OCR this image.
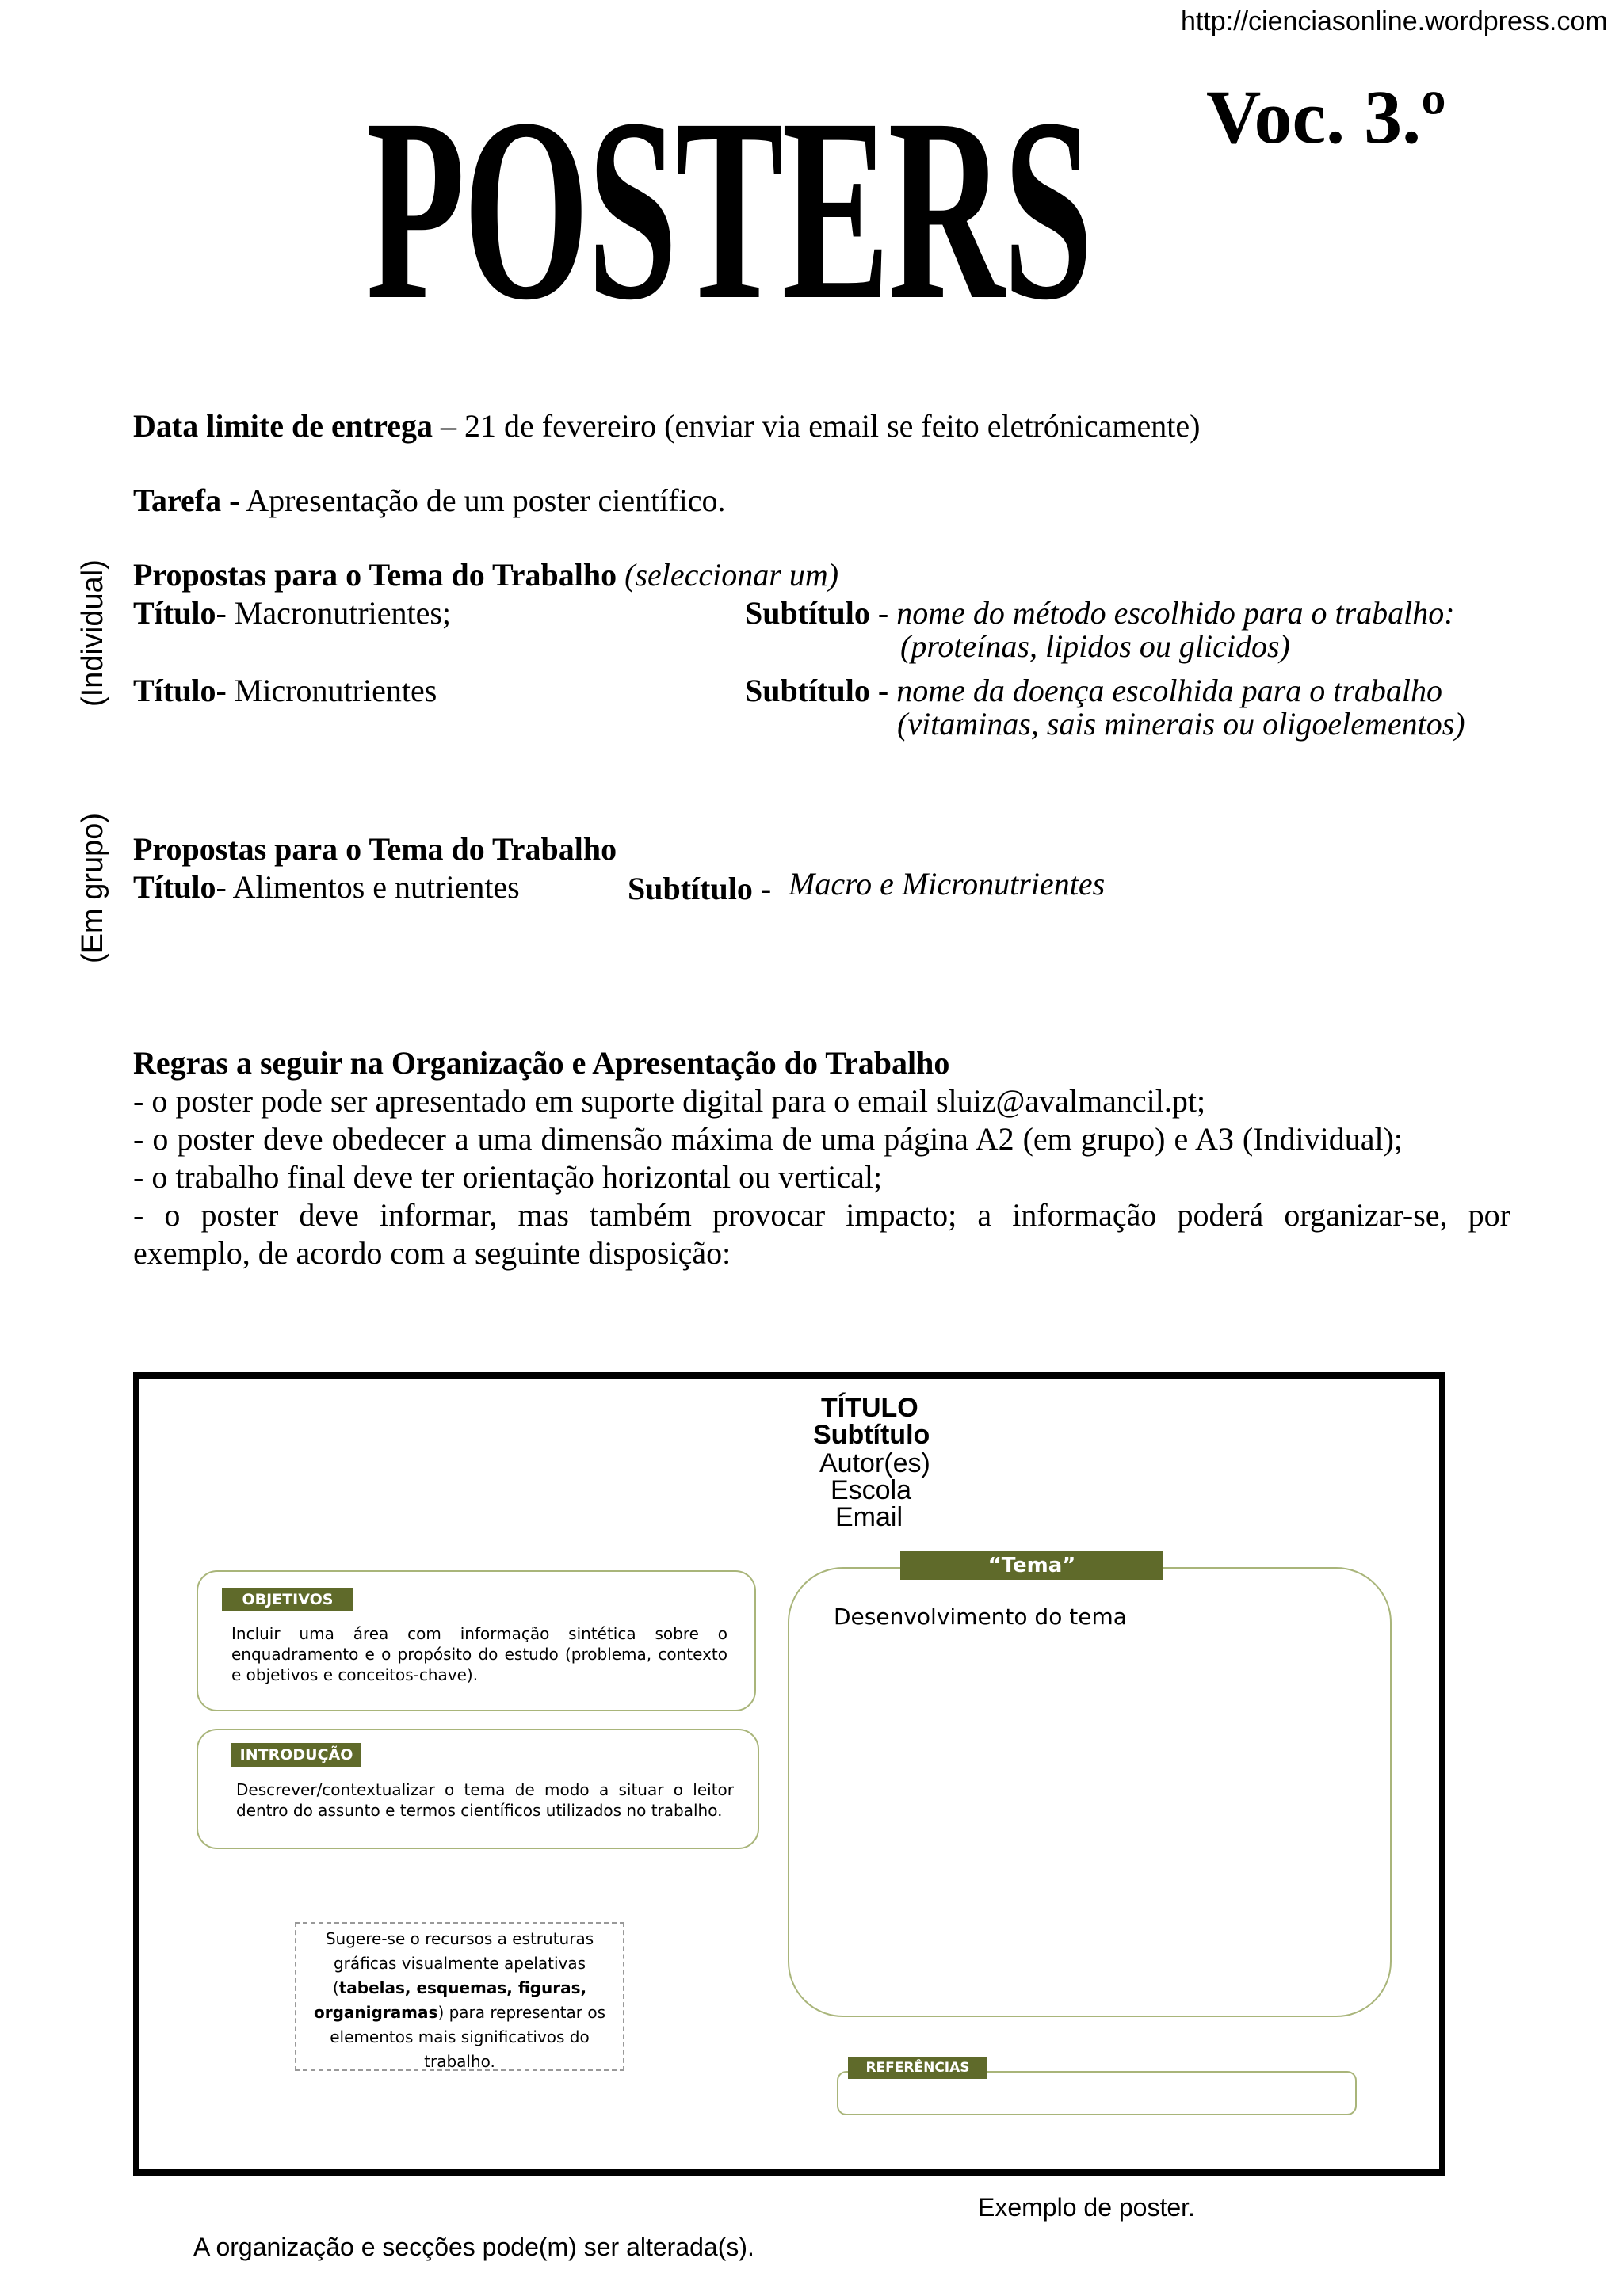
http://cienciasonline.wordpress.com
POSTERS Voc. 3.º
Data limite de entrega – 21 de fevereiro (enviar via email se feito eletrónicamente)
Tarefa - Apresentação de um poster científico.
(Individual) Propostas para o Tema do Trabalho (seleccionar um)
Título- Macronutrientes;	Subtítulo - nome do método escolhido para o trabalho:
(proteínas, lipidos ou glicidos)
Título- Micronutrientes	Subtítulo - nome da doença escolhida para o trabalho
(vitaminas, sais minerais ou oligoelementos)
(Em grupo) Propostas para o Tema do Trabalho
Título- Alimentos e nutrientes	Subtítulo - Macro e Micronutrientes
Regras a seguir na Organização e Apresentação do Trabalho
- o poster pode ser apresentado em suporte digital para o email sluiz@avalmancil.pt;
- o poster deve obedecer a uma dimensão máxima de uma página A2 (em grupo) e A3 (Individual);
- o trabalho final deve ter orientação horizontal ou vertical;
- o poster deve informar, mas também provocar impacto; a informação poderá organizar-se, por
exemplo, de acordo com a seguinte disposição:
TÍTULO
Subtítulo
Autor(es)
Escola
Email
OBJETIVOS
Incluir uma área com informação sintética sobre o enquadramento e o propósito do estudo (problema, contexto e objetivos e conceitos-chave).
INTRODUÇÃO
Descrever/contextualizar o tema de modo a situar o leitor dentro do assunto e termos científicos utilizados no trabalho.
Sugere-se o recursos a estruturas
gráficas visualmente apelativas
(tabelas, esquemas, figuras,
organigramas) para representar os
elementos mais significativos do
trabalho.
“Tema”
Desenvolvimento do tema
REFERÊNCIAS
Exemplo de poster.
A organização e secções pode(m) ser alterada(s).
